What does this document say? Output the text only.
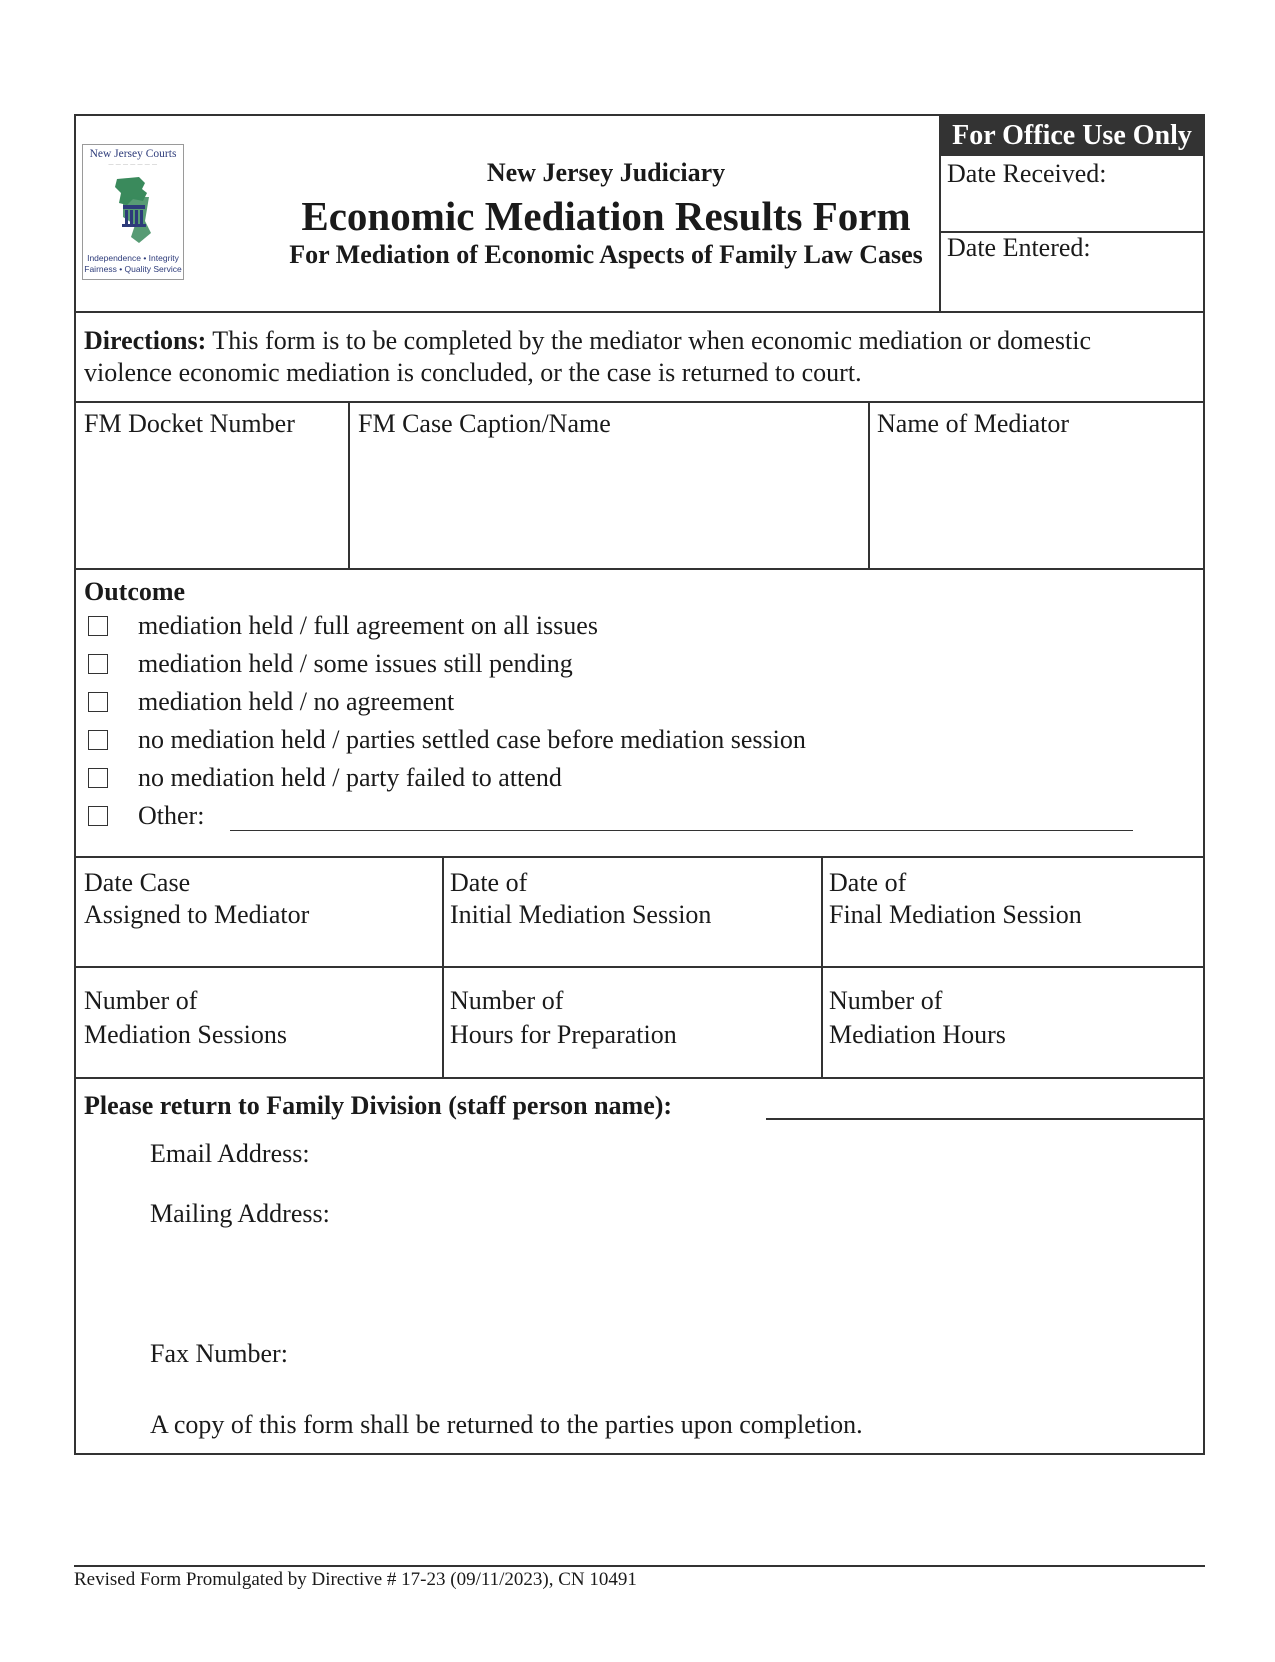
New Jersey Courts
— — — — — — —
Independence • Integrity
Fairness • Quality Service
New Jersey Judiciary
Economic Mediation Results Form
For Mediation of Economic Aspects of Family Law Cases
For Office Use Only
Date Received:
Date Entered:
Directions: This form is to be completed by the mediator when economic mediation or domestic
violence economic mediation is concluded, or the case is returned to court.
FM Docket Number FM Case Caption/Name	Name of Mediator
Outcome
mediation held / full agreement on all issues
mediation held / some issues still pending
mediation held / no agreement
no mediation held / parties settled case before mediation session
no mediation held / party failed to attend
Other:
Date Case
Assigned to Mediator
Date of
Initial Mediation Session
Date of
Final Mediation Session
Number of
Mediation Sessions
Number of
Hours for Preparation
Number of
Mediation Hours
Please return to Family Division (staff person name):
Email Address:
Mailing Address:
Fax Number:
A copy of this form shall be returned to the parties upon completion.
Revised Form Promulgated by Directive # 17-23 (09/11/2023), CN 10491
